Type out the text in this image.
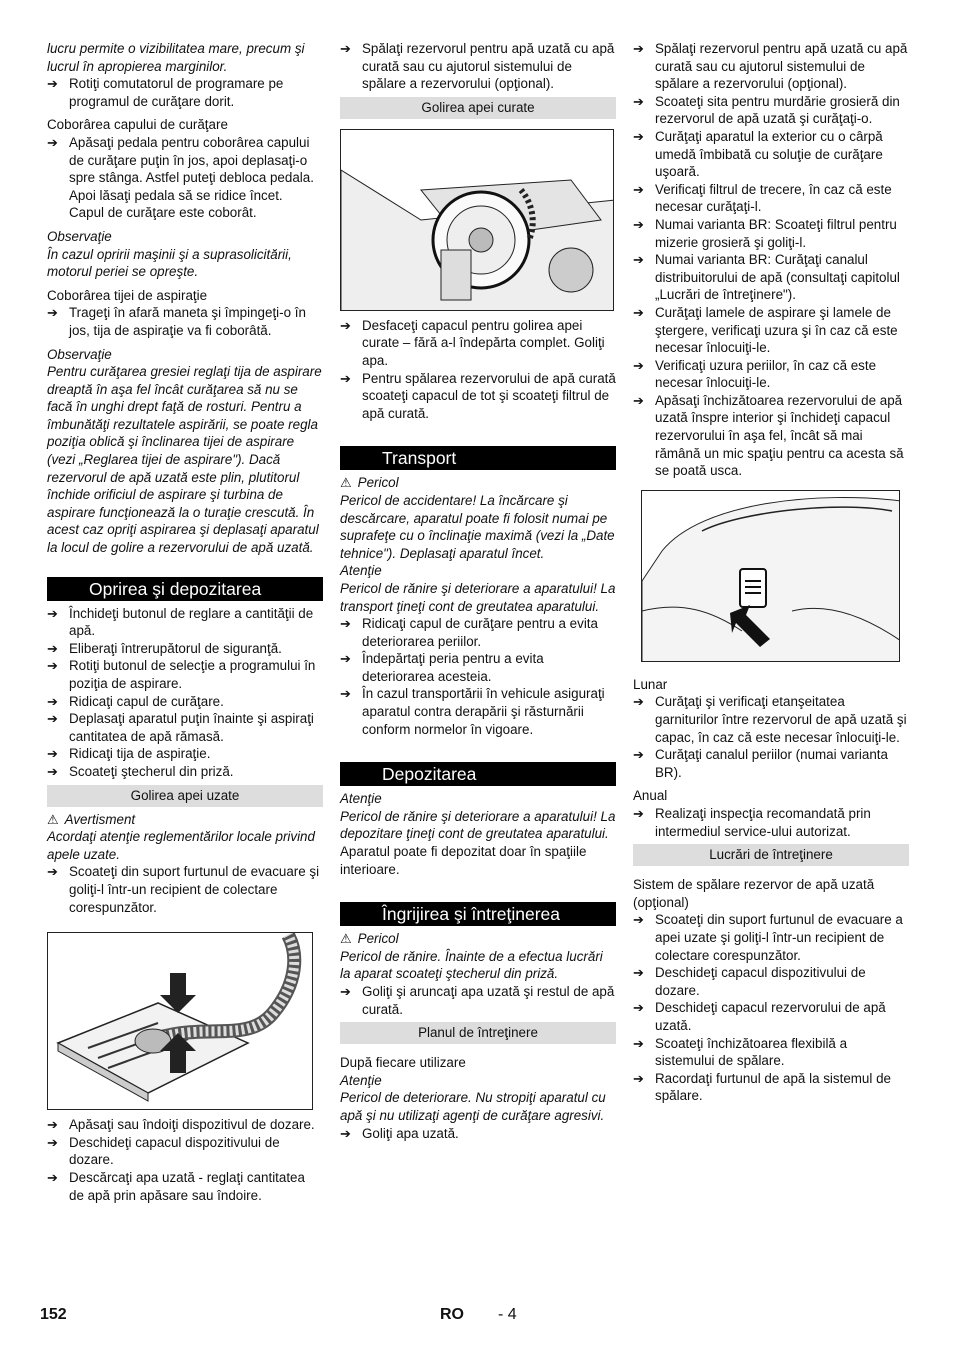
lucru permite o vizibilitatea mare, precum şi lucrul în apropierea marginilor.
➔ Rotiţi comutatorul de programare pe programul de curăţare dorit.
Coborârea capului de curăţare
➔ Apăsaţi pedala pentru coborârea capului de curăţare puţin în jos, apoi deplasaţi-o spre stânga. Astfel puteţi debloca pedala. Apoi lăsaţi pedala să se ridice încet.
Capul de curăţare este coborât.
Observaţie
În cazul opririi maşinii şi a suprasolicitării, motorul periei se opreşte.
Coborârea tijei de aspiraţie
➔ Trageţi în afară maneta şi împingeţi-o în jos, tija de aspiraţie va fi coborâtă.
Observaţie
Pentru curăţarea gresiei reglaţi tija de aspirare dreaptă în aşa fel încât curăţarea să nu se facă în unghi drept faţă de rosturi. Pentru a îmbunătăţi rezultatele aspirării, se poate regla poziţia oblică şi înclinarea tijei de aspirare (vezi „Reglarea tijei de aspirare"). Dacă rezervorul de apă uzată este plin, plutitorul închide orificiul de aspirare şi turbina de aspirare funcţionează la o turaţie crescută. În acest caz opriţi aspirarea şi deplasaţi aparatul la locul de golire a rezervorului de apă uzată.
Oprirea şi depozitarea
➔ Închideţi butonul de reglare a cantităţii de apă.
➔ Eliberaţi întrerupătorul de siguranţă.
➔ Rotiţi butonul de selecţie a programului în poziţia de aspirare.
➔ Ridicaţi capul de curăţare.
➔ Deplasaţi aparatul puţin înainte şi aspiraţi cantitatea de apă rămasă.
➔ Ridicaţi tija de aspiraţie.
➔ Scoateţi ştecherul din priză.
Golirea apei uzate
⚠ Avertisment
Acordaţi atenţie reglementărilor locale privind apele uzate.
➔ Scoateţi din suport furtunul de evacuare şi goliţi-l într-un recipient de colectare corespunzător.
➔ Apăsaţi sau îndoiţi dispozitivul de dozare.
➔ Deschideţi capacul dispozitivului de dozare.
➔ Descărcaţi apa uzată - reglaţi cantitatea de apă prin apăsare sau îndoire.
➔ Spălaţi rezervorul pentru apă uzată cu apă curată sau cu ajutorul sistemului de spălare a rezervorului (opţional).
Golirea apei curate
➔ Desfaceţi capacul pentru golirea apei curate – fără a-l îndepărta complet. Goliţi apa.
➔ Pentru spălarea rezervorului de apă curată scoateţi capacul de tot şi scoateţi filtrul de apă curată.
Transport
⚠ Pericol
Pericol de accidentare! La încărcare şi descărcare, aparatul poate fi folosit numai pe suprafeţe cu o înclinaţie maximă (vezi la „Date tehnice"). Deplasaţi aparatul încet.
Atenţie
Pericol de rănire şi deteriorare a aparatului! La transport ţineţi cont de greutatea aparatului.
➔ Ridicaţi capul de curăţare pentru a evita deteriorarea periilor.
➔ Îndepărtaţi peria pentru a evita deteriorarea acesteia.
➔ În cazul transportării în vehicule asiguraţi aparatul contra derapării şi răsturnării conform normelor în vigoare.
Depozitarea
Atenţie
Pericol de rănire şi deteriorare a aparatului! La depozitare ţineţi cont de greutatea aparatului.
Aparatul poate fi depozitat doar în spaţiile interioare.
Îngrijirea şi întreţinerea
⚠ Pericol
Pericol de rănire. Înainte de a efectua lucrări la aparat scoateţi ştecherul din priză.
➔ Goliţi şi aruncaţi apa uzată şi restul de apă curată.
Planul de întreţinere
După fiecare utilizare
Atenţie
Pericol de deteriorare. Nu stropiţi aparatul cu apă şi nu utilizaţi agenţi de curăţare agresivi.
➔ Goliţi apa uzată.
➔ Spălaţi rezervorul pentru apă uzată cu apă curată sau cu ajutorul sistemului de spălare a rezervorului (opţional).
➔ Scoateţi sita pentru murdărie grosieră din rezervorul de apă uzată şi curăţaţi-o.
➔ Curăţaţi aparatul la exterior cu o cârpă umedă îmbibată cu soluţie de curăţare uşoară.
➔ Verificaţi filtrul de trecere, în caz că este necesar curăţaţi-l.
➔ Numai varianta BR: Scoateţi filtrul pentru mizerie grosieră şi goliţi-l.
➔ Numai varianta BR: Curăţaţi canalul distribuitorului de apă (consultaţi capitolul „Lucrări de întreţinere").
➔ Curăţaţi lamele de aspirare şi lamele de ştergere, verificaţi uzura şi în caz că este necesar înlocuiţi-le.
➔ Verificaţi uzura periilor, în caz că este necesar înlocuiţi-le.
➔ Apăsaţi închizătoarea rezervorului de apă uzată înspre interior şi închideţi capacul rezervorului în aşa fel, încât să mai rămână un mic spaţiu pentru ca acesta să se poată usca.
Lunar
➔ Curăţaţi şi verificaţi etanşeitatea garniturilor între rezervorul de apă uzată şi capac, în caz că este necesar înlocuiţi-le.
➔ Curăţaţi canalul periilor (numai varianta BR).
Anual
➔ Realizaţi inspecţia recomandată prin intermediul service-ului autorizat.
Lucrări de întreţinere
Sistem de spălare rezervor de apă uzată (opţional)
➔ Scoateţi din suport furtunul de evacuare a apei uzate şi goliţi-l într-un recipient de colectare corespunzător.
➔ Deschideţi capacul dispozitivului de dozare.
➔ Deschideţi capacul rezervorului de apă uzată.
➔ Scoateţi închizătoarea flexibilă a sistemului de spălare.
➔ Racordaţi furtunul de apă la sistemul de spălare.
152	RO - 4
